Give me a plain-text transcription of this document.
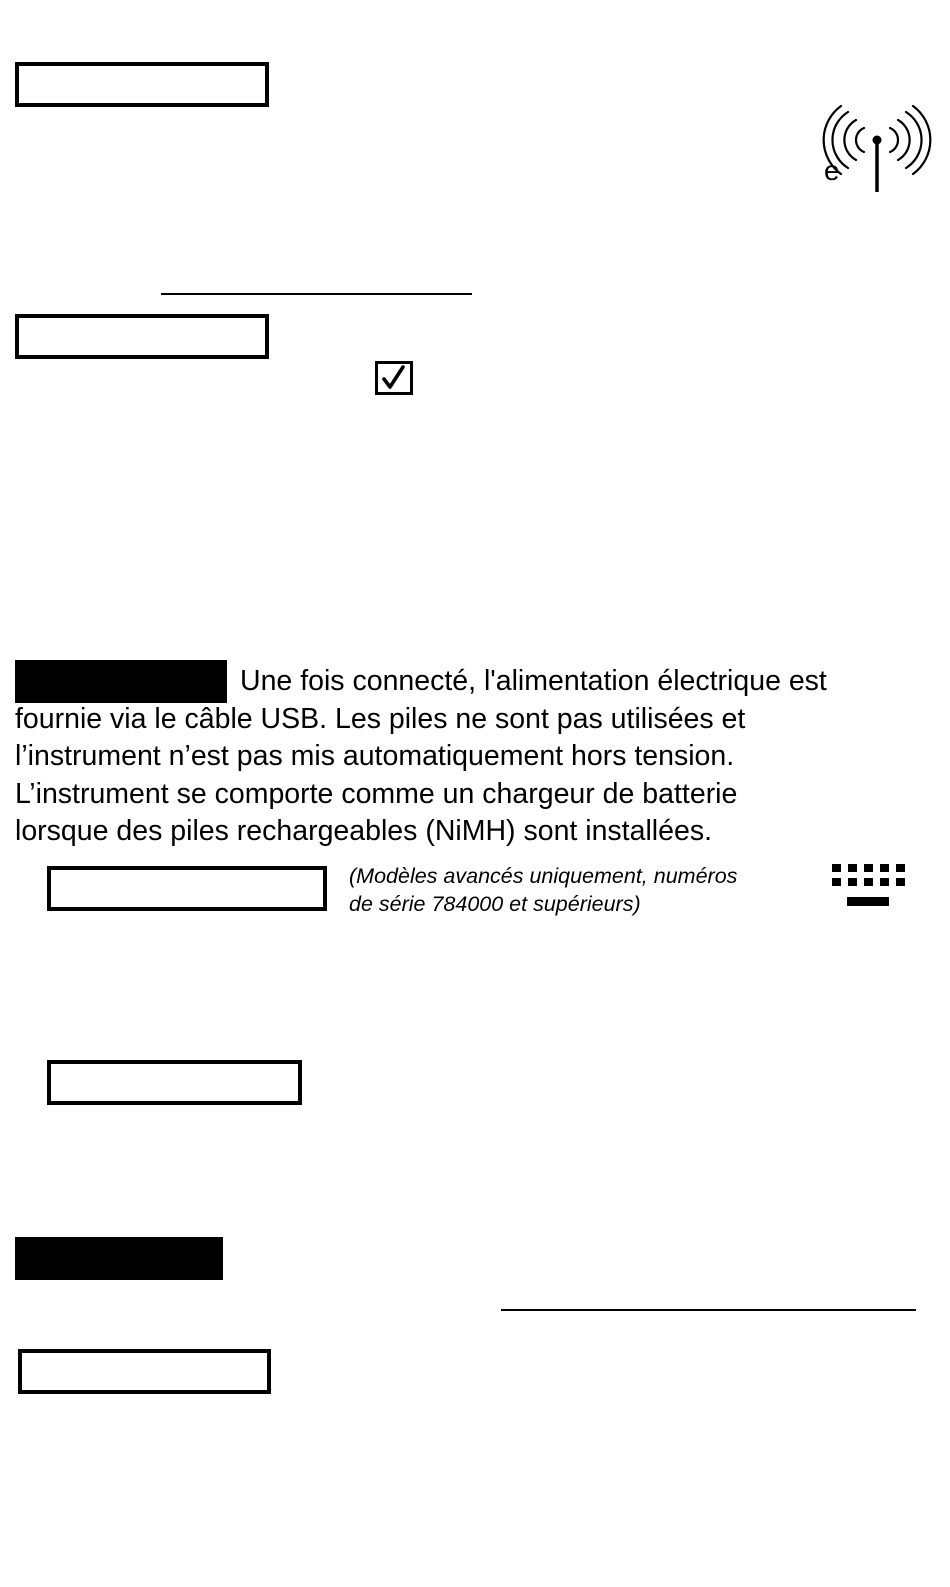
e
Une fois connecté, l'alimentation électrique est
fournie via le câble USB. Les piles ne sont pas utilisées et
l’instrument n’est pas mis automatiquement hors tension.
L’instrument se comporte comme un chargeur de batterie
lorsque des piles rechargeables (NiMH) sont installées.
(Modèles avancés uniquement, numéros
de série 784000 et supérieurs)
